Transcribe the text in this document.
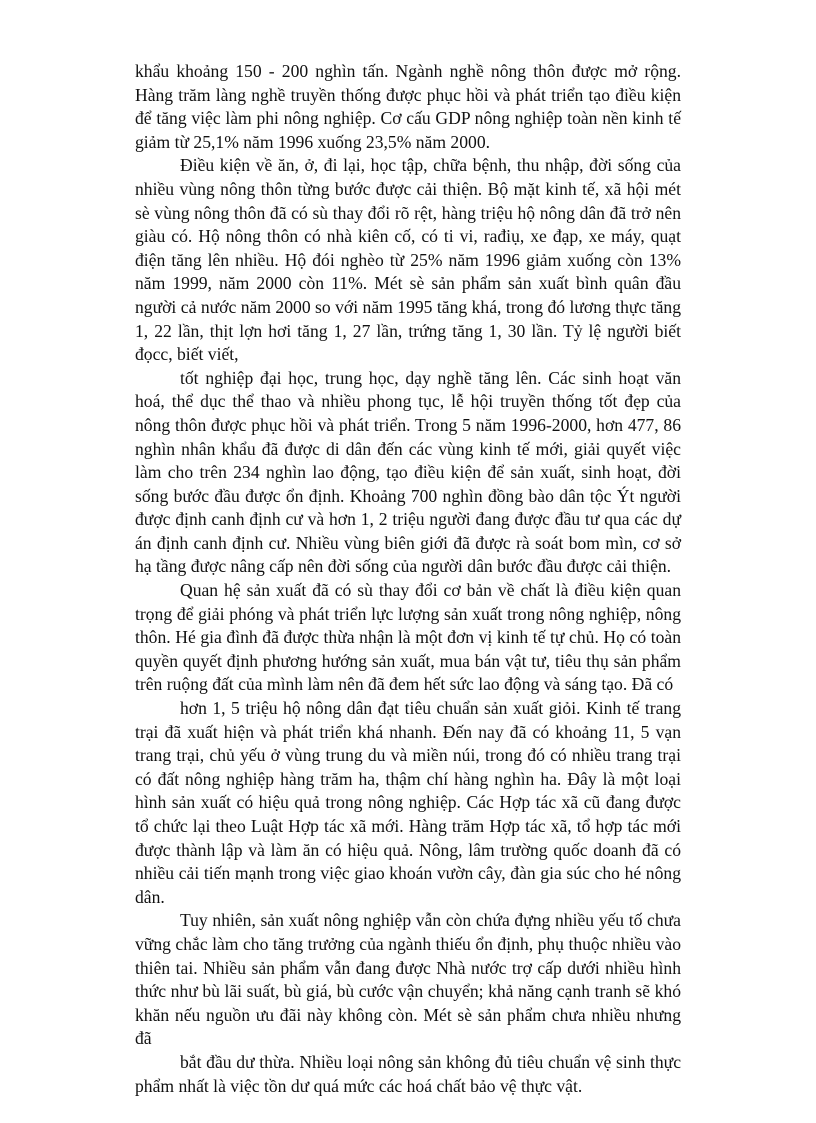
khẩu khoảng 150 - 200 nghìn tấn. Ngành nghề nông thôn được mở rộng. Hàng trăm làng nghề truyền thống được phục hồi và phát triển tạo điều kiện để tăng việc làm phi nông nghiệp. Cơ cấu GDP nông nghiệp toàn nền kinh tế giảm từ 25,1% năm 1996 xuống 23,5% năm 2000.

Điều kiện về ăn, ở, đi lại, học tập, chữa bệnh, thu nhập, đời sống của nhiều vùng nông thôn từng bước được cải thiện. Bộ mặt kinh tế, xã hội mét sè vùng nông thôn đã có sù thay đổi rõ rệt, hàng triệu hộ nông dân đã trở nên giàu có. Hộ nông thôn có nhà kiên cố, có ti vi, rađiụ, xe đạp, xe máy, quạt điện tăng lên nhiều. Hộ đói nghèo từ 25% năm 1996 giảm xuống còn 13% năm 1999, năm 2000 còn 11%. Mét sè sản phẩm sản xuất bình quân đầu người cả nước năm 2000 so với năm 1995 tăng khá, trong đó lương thực tăng 1, 22 lần, thịt lợn hơi tăng 1, 27 lần, trứng tăng 1, 30 lần. Tỷ lệ người biết đọcc, biết viết,

tốt nghiệp đại học, trung học, dạy nghề tăng lên. Các sinh hoạt văn hoá, thể dục thể thao và nhiều phong tục, lễ hội truyền thống tốt đẹp của nông thôn được phục hồi và phát triển. Trong 5 năm 1996-2000, hơn 477, 86 nghìn nhân khẩu đã được di dân đến các vùng kinh tế mới, giải quyết việc làm cho trên 234 nghìn lao động, tạo điều kiện để sản xuất, sinh hoạt, đời sống bước đầu được ổn định. Khoảng 700 nghìn đồng bào dân tộc Ýt người được định canh định cư và hơn 1, 2 triệu người đang được đầu tư qua các dự án định canh định cư. Nhiều vùng biên giới đã được rà soát bom mìn, cơ sở hạ tầng được nâng cấp nên đời sống của người dân bước đầu được cải thiện.

Quan hệ sản xuất đã có sù thay đổi cơ bản về chất là điều kiện quan trọng để giải phóng và phát triển lực lượng sản xuất trong nông nghiệp, nông thôn. Hé gia đình đã được thừa nhận là một đơn vị kinh tế tự chủ. Họ có toàn quyền quyết định phương hướng sản xuất, mua bán vật tư, tiêu thụ sản phẩm trên ruộng đất của mình làm nên đã đem hết sức lao động và sáng tạo. Đã có

hơn 1, 5 triệu hộ nông dân đạt tiêu chuẩn sản xuất giỏi. Kinh tế trang trại đã xuất hiện và phát triển khá nhanh. Đến nay đã có khoảng 11, 5 vạn trang trại, chủ yếu ở vùng trung du và miền núi, trong đó có nhiều trang trại có đất nông nghiệp hàng trăm ha, thậm chí hàng nghìn ha. Đây là một loại hình sản xuất có hiệu quả trong nông nghiệp. Các Hợp tác xã cũ đang được tổ chức lại theo Luật Hợp tác xã mới. Hàng trăm Hợp tác xã, tổ hợp tác mới được thành lập và làm ăn có hiệu quả. Nông, lâm trường quốc doanh đã có nhiều cải tiến mạnh trong việc giao khoán vườn cây, đàn gia súc cho hé nông dân.

Tuy nhiên, sản xuất nông nghiệp vẫn còn chứa đựng nhiều yếu tố chưa vững chắc làm cho tăng trưởng của ngành thiếu ổn định, phụ thuộc nhiều vào thiên tai. Nhiều sản phẩm vẫn đang được Nhà nước trợ cấp dưới nhiều hình thức như bù lãi suất, bù giá, bù cước vận chuyển; khả năng cạnh tranh sẽ khó khăn nếu nguồn ưu đãi này không còn. Mét sè sản phẩm chưa nhiều nhưng đã

bắt đầu dư thừa. Nhiều loại nông sản không đủ tiêu chuẩn vệ sinh thực phẩm nhất là việc tồn dư quá mức các hoá chất bảo vệ thực vật.
